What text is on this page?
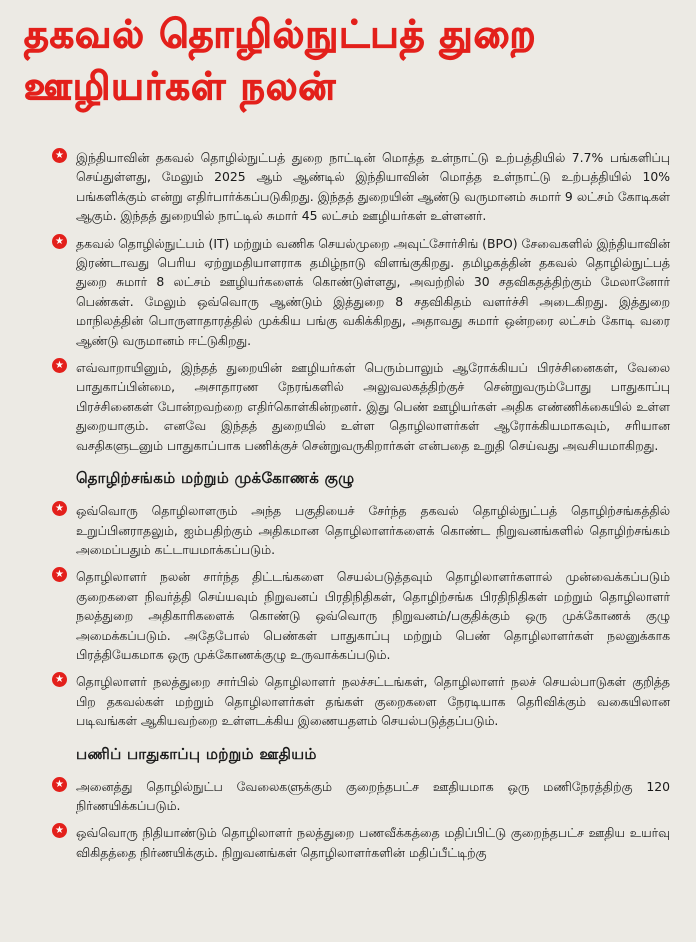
தகவல் தொழில்நுட்பத் துறை
ஊழியர்கள் நலன்
★ இந்தியாவின் தகவல் தொழில்நுட்பத் துறை நாட்டின் மொத்த உள்நாட்டு உற்பத்தியில் 7.7% பங்களிப்பு செய்துள்ளது, மேலும் 2025 ஆம் ஆண்டில் இந்தியாவின் மொத்த உள்நாட்டு உற்பத்தியில் 10% பங்களிக்கும் என்று எதிர்பார்க்கப்படுகிறது. இந்தத் துறையின் ஆண்டு வருமானம் சுமார் 9 லட்சம் கோடிகள் ஆகும். இந்தத் துறையில் நாட்டில் சுமார் 45 லட்சம் ஊழியர்கள் உள்ளனர்.
★ தகவல் தொழில்நுட்பம் (IT) மற்றும் வணிக செயல்முறை அவுட்சோர்சிங் (BPO) சேவைகளில் இந்தியாவின் இரண்டாவது பெரிய ஏற்றுமதியாளராக தமிழ்நாடு விளங்குகிறது. தமிழகத்தின் தகவல் தொழில்நுட்பத் துறை சுமார் 8 லட்சம் ஊழியர்களைக் கொண்டுள்ளது, அவற்றில் 30 சதவிகதத்திற்கும் மேலானோர் பெண்கள். மேலும் ஒவ்வொரு ஆண்டும் இத்துறை 8 சதவிகிதம் வளர்ச்சி அடைகிறது. இத்துறை மாநிலத்தின் பொருளாதாரத்தில் முக்கிய பங்கு வகிக்கிறது, அதாவது சுமார் ஒன்றரை லட்சம் கோடி வரை ஆண்டு வருமானம் ஈட்டுகிறது.
★ எவ்வாறாயினும், இந்தத் துறையின் ஊழியர்கள் பெரும்பாலும் ஆரோக்கியப் பிரச்சினைகள், வேலை பாதுகாப்பின்மை, அசாதாரண நேரங்களில் அலுவலகத்திற்குச் சென்றுவரும்போது பாதுகாப்பு பிரச்சினைகள் போன்றவற்றை எதிர்கொள்கின்றனர். இது பெண் ஊழியர்கள் அதிக எண்ணிக்கையில் உள்ள துறையாகும். எனவே இந்தத் துறையில் உள்ள தொழிலாளர்கள் ஆரோக்கியமாகவும், சரியான வசதிகளுடனும் பாதுகாப்பாக பணிக்குச் சென்றுவருகிறார்கள் என்பதை உறுதி செய்வது அவசியமாகிறது.
தொழிற்சங்கம் மற்றும் முக்கோணக் குழு
★ ஒவ்வொரு தொழிலாளரும் அந்த பகுதியைச் சேர்ந்த தகவல் தொழில்நுட்பத் தொழிற்சங்கத்தில் உறுப்பினராதலும், ஐம்பதிற்கும் அதிகமான தொழிலாளர்களைக் கொண்ட நிறுவனங்களில் தொழிற்சங்கம் அமைப்பதும் கட்டாயமாக்கப்படும்.
★ தொழிலாளர் நலன் சார்ந்த திட்டங்களை செயல்படுத்தவும் தொழிலாளர்களால் முன்வைக்கப்படும் குறைகளை நிவர்த்தி செய்யவும் நிறுவனப் பிரதிநிதிகள், தொழிற்சங்க பிரதிநிதிகள் மற்றும் தொழிலாளர் நலத்துறை அதிகாரிகளைக் கொண்டு ஒவ்வொரு நிறுவனம்/பகுதிக்கும் ஒரு முக்கோணக் குழு அமைக்கப்படும். அதேபோல் பெண்கள் பாதுகாப்பு மற்றும் பெண் தொழிலாளர்கள் நலனுக்காக பிரத்தியேகமாக ஒரு முக்கோணக்குழு உருவாக்கப்படும்.
★ தொழிலாளர் நலத்துறை சார்பில் தொழிலாளர் நலச்சட்டங்கள், தொழிலாளர் நலச் செயல்பாடுகள் குறித்த பிற தகவல்கள் மற்றும் தொழிலாளர்கள் தங்கள் குறைகளை நேரடியாக தெரிவிக்கும் வகையிலான படிவங்கள் ஆகியவற்றை உள்ளடக்கிய இணையதளம் செயல்படுத்தப்படும்.
பணிப் பாதுகாப்பு மற்றும் ஊதியம்
★ அனைத்து தொழில்நுட்ப வேலைகளுக்கும் குறைந்தபட்ச ஊதியமாக ஒரு மணிநேரத்திற்கு 120 நிர்ணயிக்கப்படும்.
★ ஒவ்வொரு நிதியாண்டும் தொழிலாளர் நலத்துறை பணவீக்கத்தை மதிப்பிட்டு குறைந்தபட்ச ஊதிய உயர்வு விகிதத்தை நிர்ணயிக்கும். நிறுவனங்கள் தொழிலாளர்களின் மதிப்பீட்டிற்கு
